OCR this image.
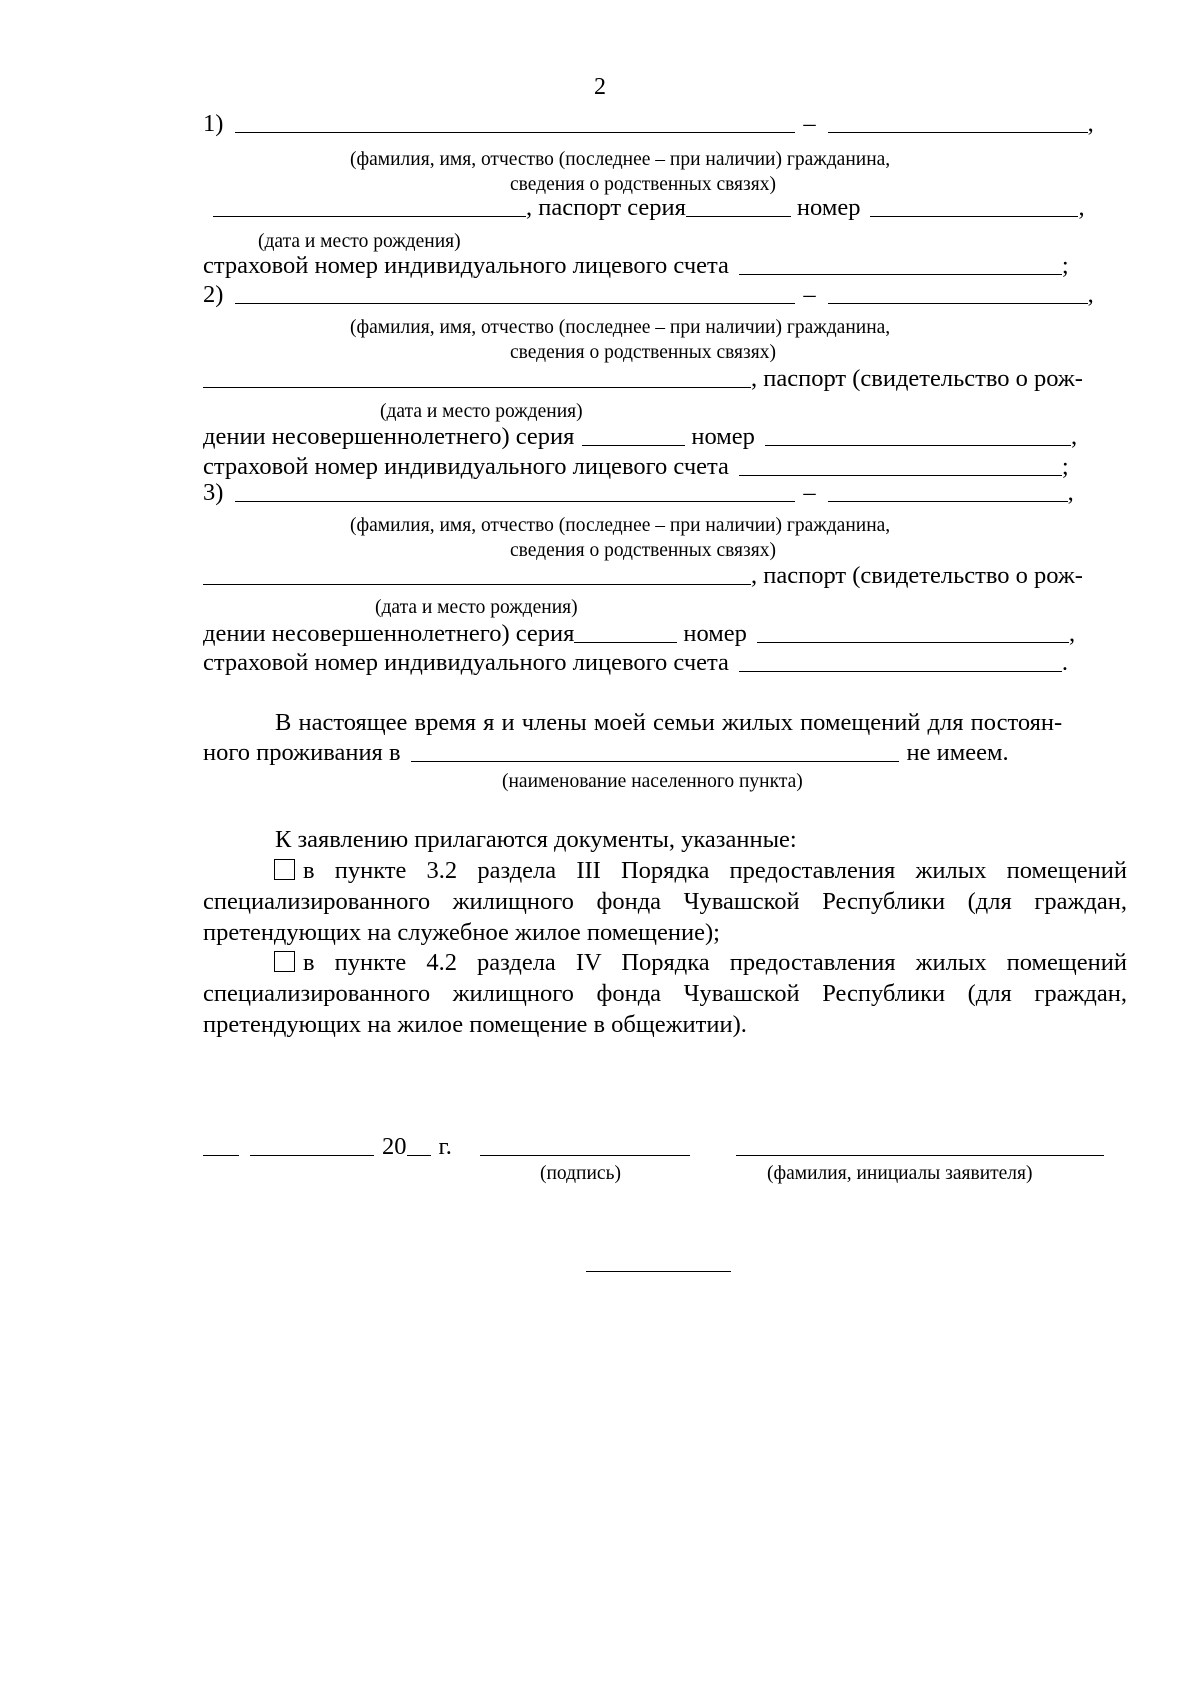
2
1)	–	,
(фамилия, имя, отчество (последнее – при наличии) гражданина,
сведения о родственных связях)
, паспорт серия	номер	,
(дата и место рождения)
страховой номер индивидуального лицевого счета	;
2)	–	,
(фамилия, имя, отчество (последнее – при наличии) гражданина,
сведения о родственных связях)
, паспорт (свидетельство о рож-
(дата и место рождения)
дении несовершеннолетнего) серия	номер	,
страховой номер индивидуального лицевого счета	;
3)	–	,
(фамилия, имя, отчество (последнее – при наличии) гражданина,
сведения о родственных связях)
, паспорт (свидетельство о рож-
(дата и место рождения)
дении несовершеннолетнего) серия	номер	,
страховой номер индивидуального лицевого счета	.
В настоящее время я и члены моей семьи жилых помещений для постоян-
ного проживания в	не имеем.
(наименование населенного пункта)
К заявлению прилагаются документы, указанные:
в пункте 3.2 раздела III Порядка предоставления жилых помещений специализированного жилищного фонда Чувашской Республики (для граждан, претендующих на служебное жилое помещение);
в пункте 4.2 раздела IV Порядка предоставления жилых помещений специализированного жилищного фонда Чувашской Республики (для граждан, претендующих на жилое помещение в общежитии).
20 г.
(подпись)	(фамилия, инициалы заявителя)
